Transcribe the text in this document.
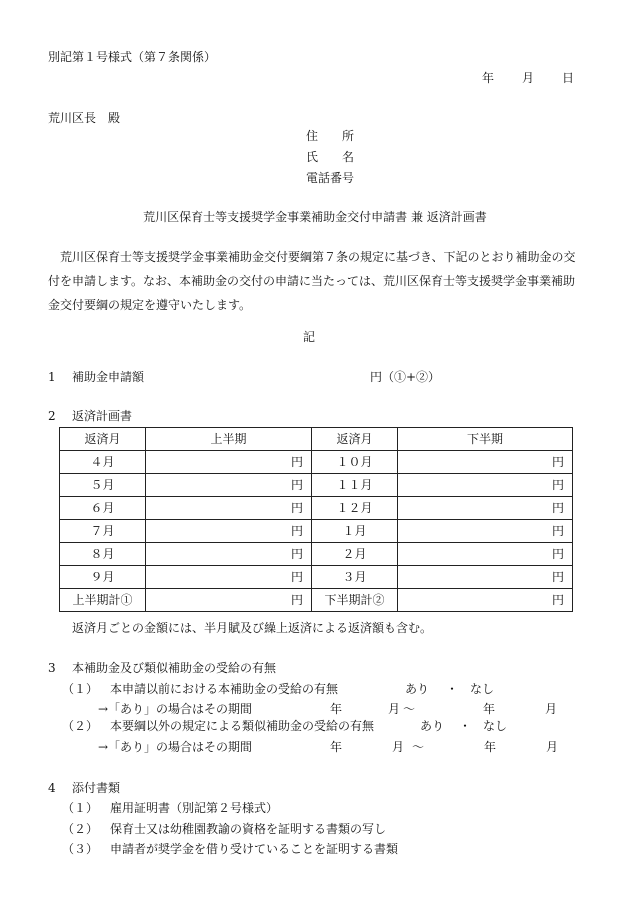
別記第１号様式（第７条関係）
年 月 日
荒川区長　殿
住　　所
氏　　名
電話番号
荒川区保育士等支援奨学金事業補助金交付申請書 兼 返済計画書
荒川区保育士等支援奨学金事業補助金交付要綱第７条の規定に基づき、下記のとおり補助金の交付を申請します。なお、本補助金の交付の申請に当たっては、荒川区保育士等支援奨学金事業補助金交付要綱の規定を遵守いたします。
記
1 補助金申請額	円（①+②）
2 返済計画書
返済月	上半期	返済月	下半期
４月	円	１０月	円
５月	円	１１月	円
６月	円	１２月	円
７月	円	１月	円
８月	円	２月	円
９月	円	３月	円
上半期計①	円	下半期計②	円
返済月ごとの金額には、半月賦及び繰上返済による返済額も含む。
3 本補助金及び類似補助金の受給の有無
（１） 本申請以前における本補助金の受給の有無	あり ・ なし
→「あり」の場合はその期間	年	月 ～	年	月
（２） 本要綱以外の規定による類似補助金の受給の有無	あり ・ なし
→「あり」の場合はその期間	年	月 ～	年	月
4 添付書類
（１） 雇用証明書（別記第２号様式）
（２） 保育士又は幼稚園教諭の資格を証明する書類の写し
（３） 申請者が奨学金を借り受けていることを証明する書類
